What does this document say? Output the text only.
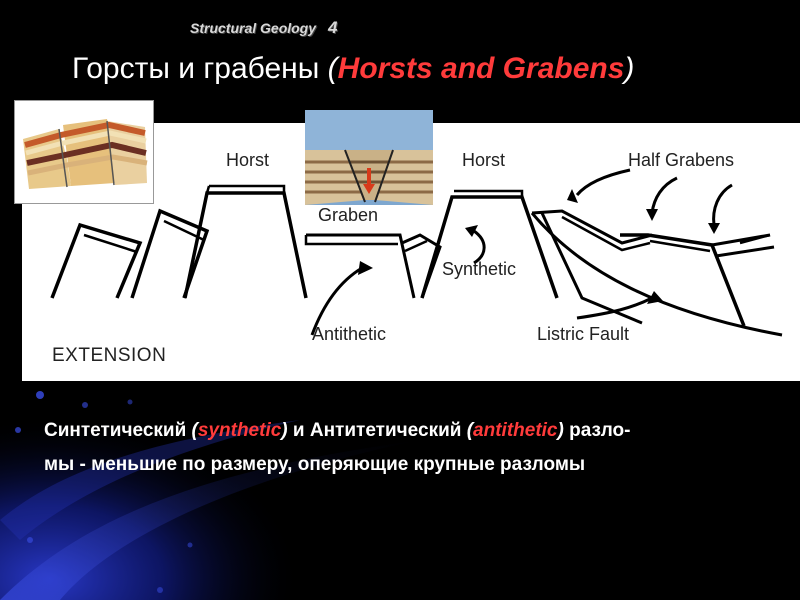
Structural Geology 4
Горсты и грабены (Horsts and Grabens)
Horst	Horst	Half Grabens
Graben
Synthetic
Antithetic	Listric Fault
EXTENSION
Синтетический (synthetic) и Антитетический (antithetic) разло-
мы - меньшие по размеру, оперяющие крупные разломы
